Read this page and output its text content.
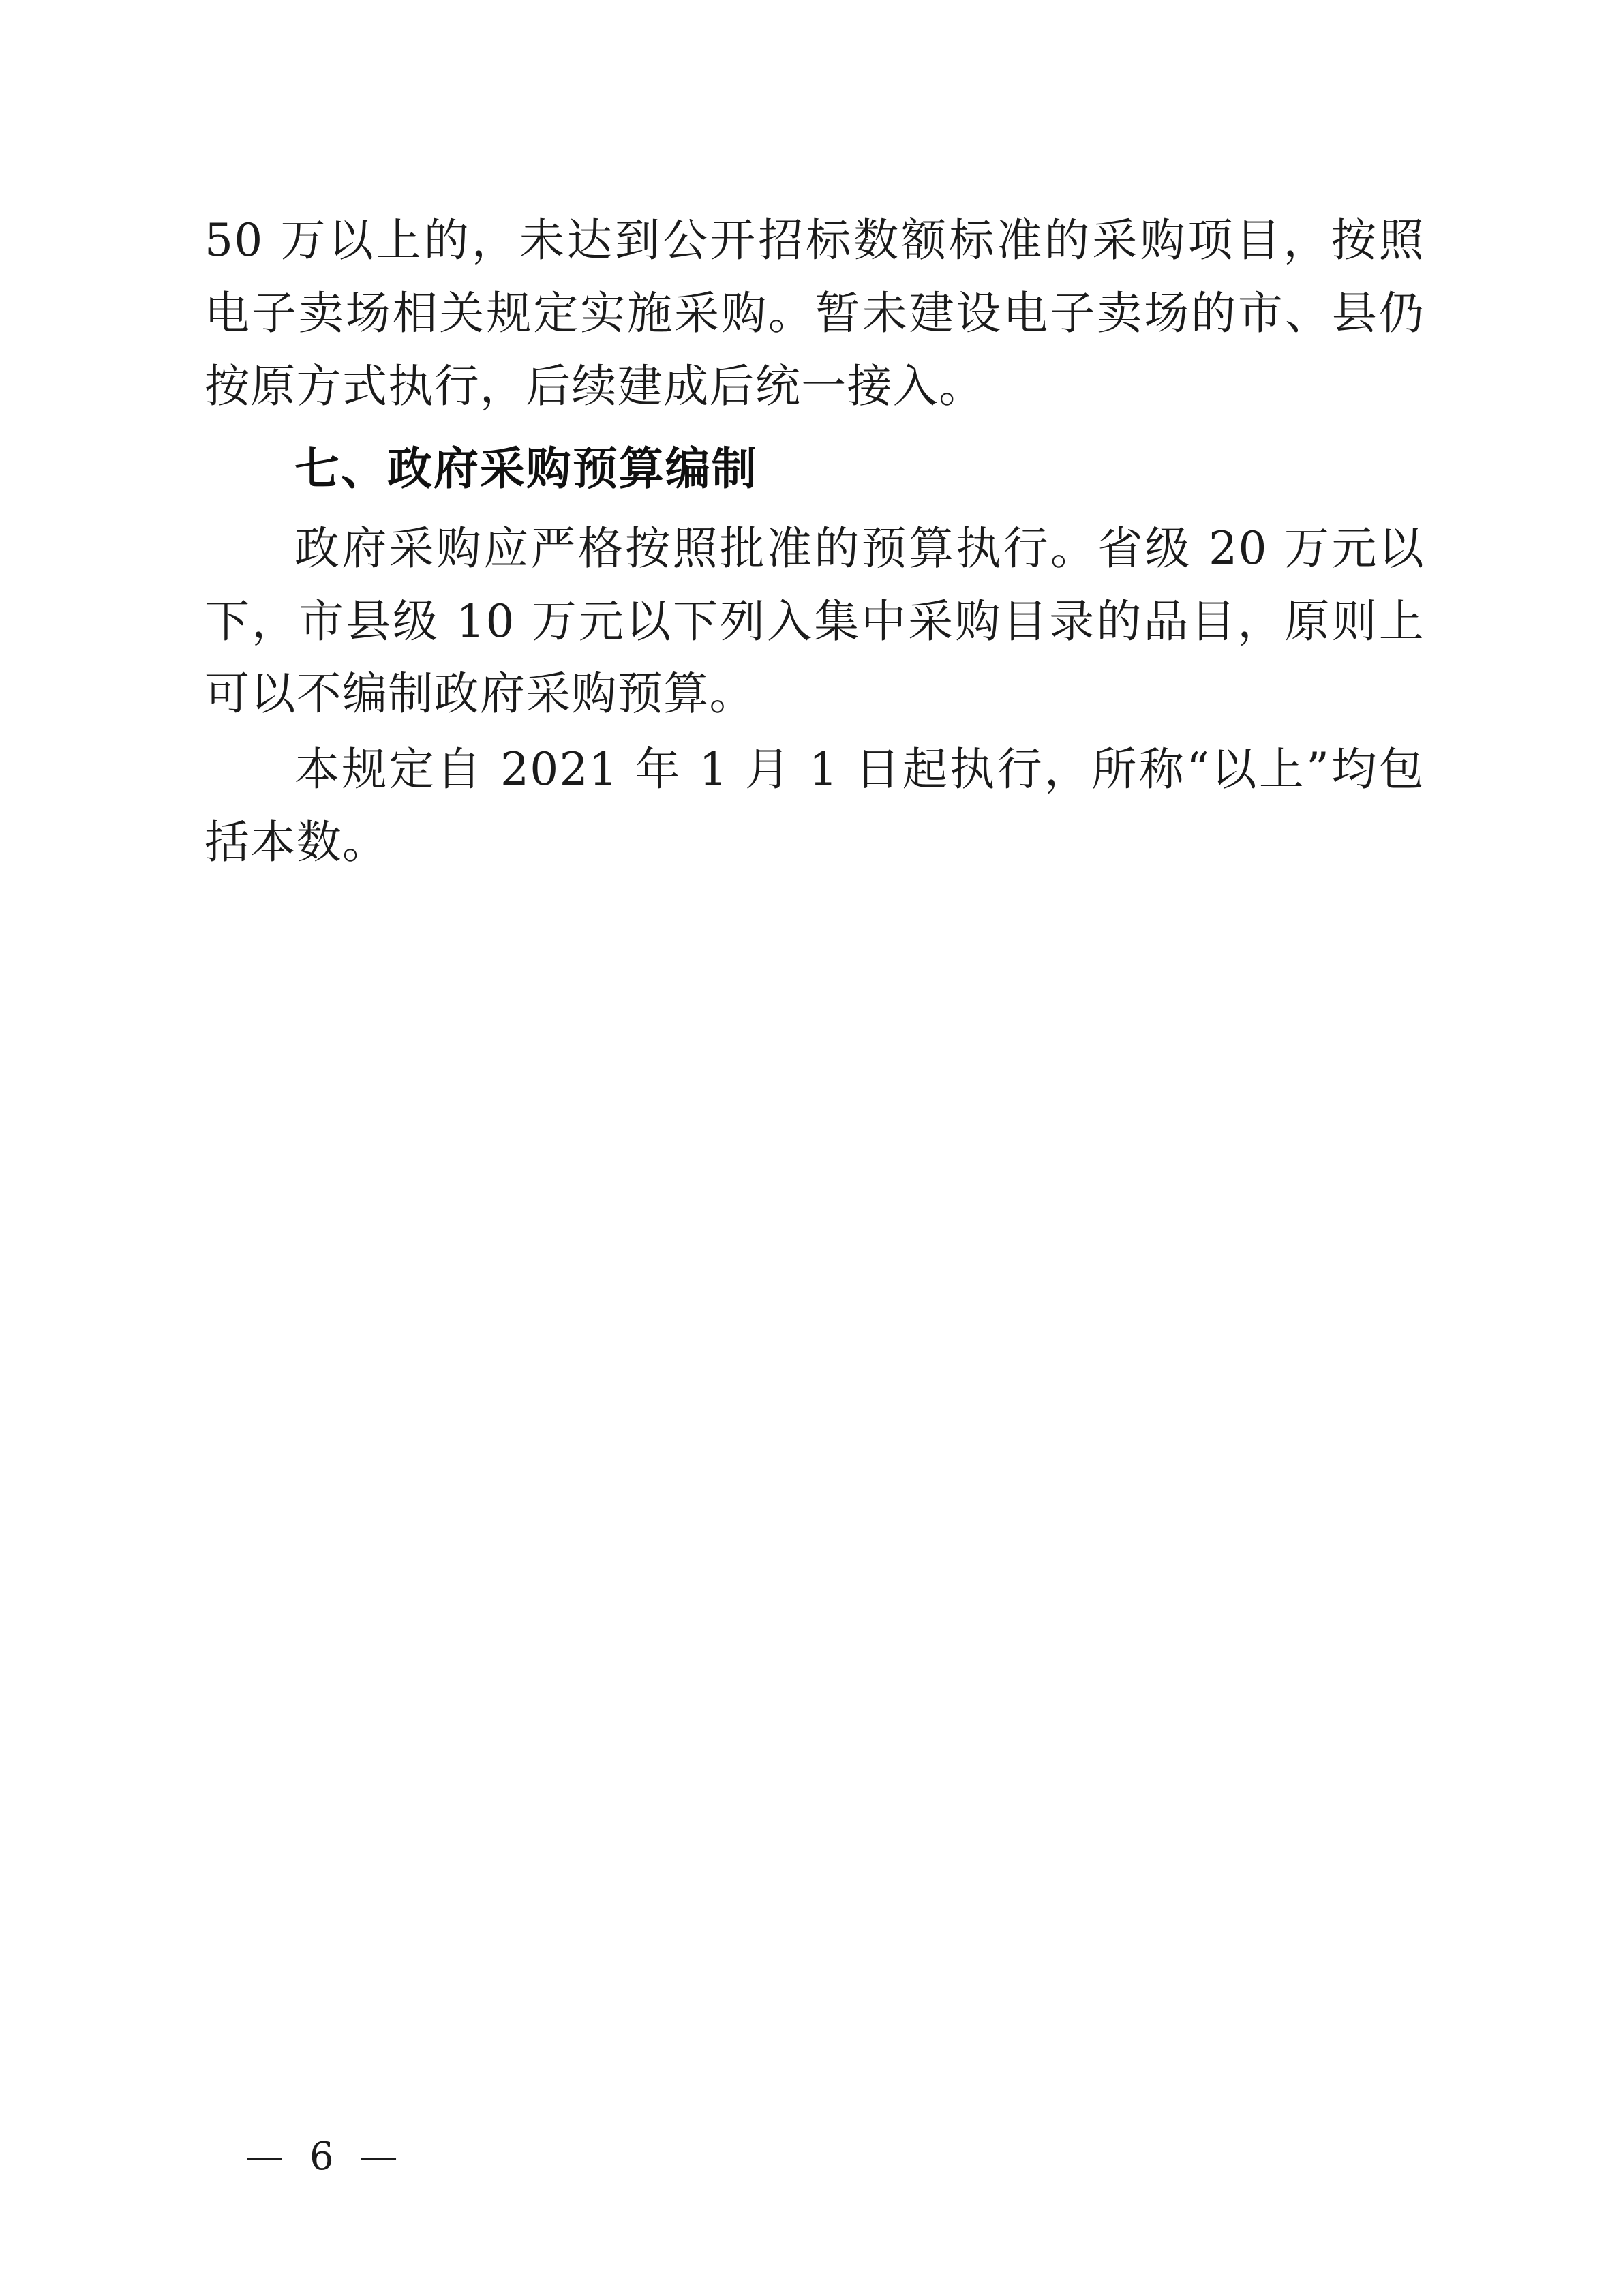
50 万以上的，未达到公开招标数额标准的采购项目，按照电子卖场相关规定实施采购。暂未建设电子卖场的市、县仍按原方式执行，后续建成后统一接入。

七、政府采购预算编制

政府采购应严格按照批准的预算执行。省级 20 万元以下，市县级 10 万元以下列入集中采购目录的品目，原则上可以不编制政府采购预算。

本规定自 2021 年 1 月 1 日起执行，所称“以上”均包括本数。

— 6 —
